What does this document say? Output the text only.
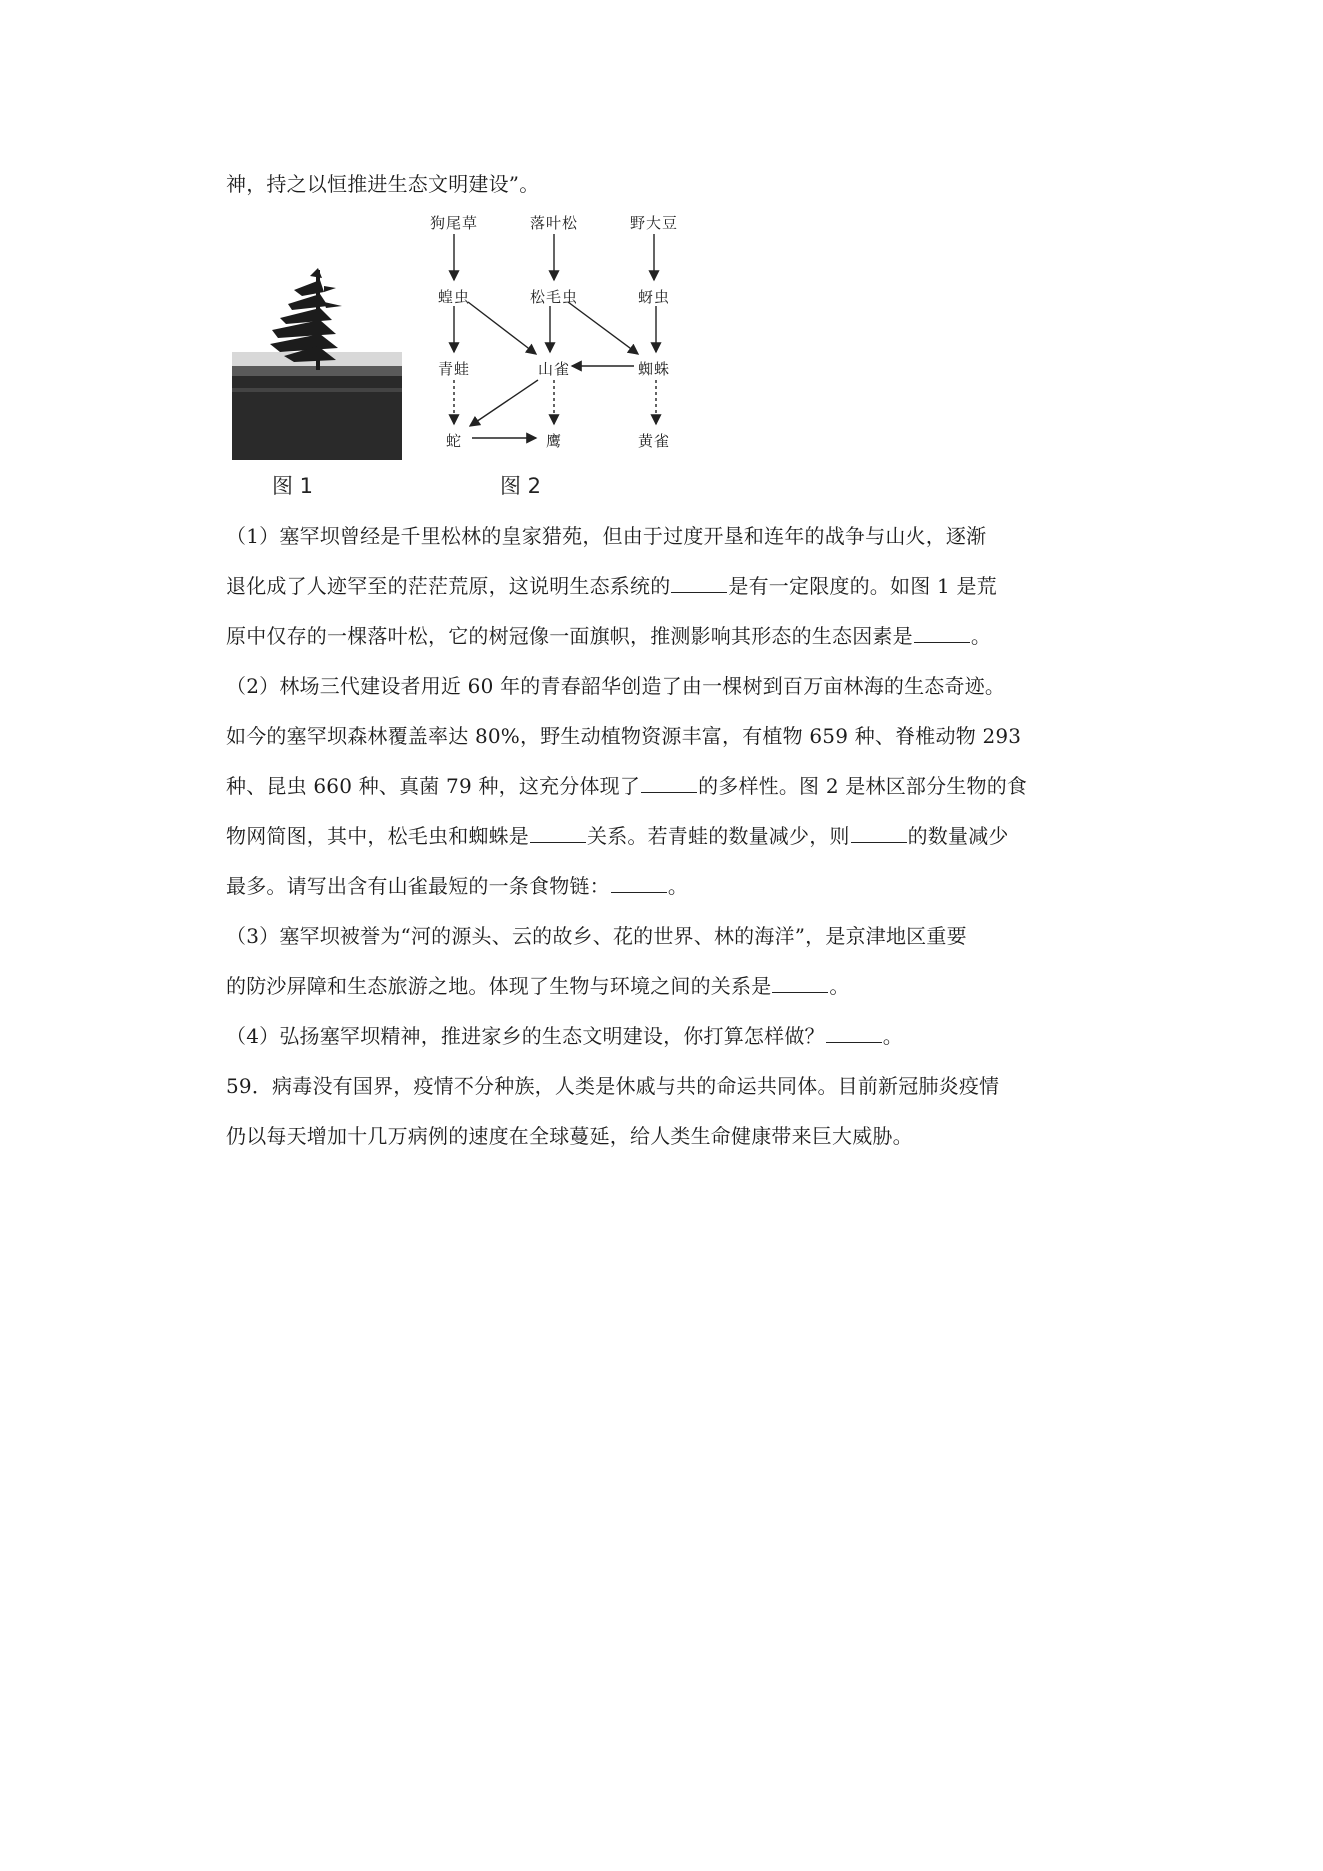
神，持之以恒推进生态文明建设”。
图 1
狗尾草	落叶松	野大豆
蝗虫	松毛虫	蚜虫
青蛙	山雀	蜘蛛
蛇	鹰	黄雀
图 2
（1）塞罕坝曾经是千里松林的皇家猎苑，但由于过度开垦和连年的战争与山火，逐渐
退化成了人迹罕至的茫茫荒原，这说明生态系统的	是有一定限度的。如图 1 是荒
原中仅存的一棵落叶松，它的树冠像一面旗帜，推测影响其形态的生态因素是	。
（2）林场三代建设者用近 60 年的青春韶华创造了由一棵树到百万亩林海的生态奇迹。
如今的塞罕坝森林覆盖率达 80%，野生动植物资源丰富，有植物 659 种、脊椎动物 293
种、昆虫 660 种、真菌 79 种，这充分体现了	的多样性。图 2 是林区部分生物的食
物网简图，其中，松毛虫和蜘蛛是	关系。若青蛙的数量减少，则	的数量减少
最多。请写出含有山雀最短的一条食物链：	。
（3）塞罕坝被誉为“河的源头、云的故乡、花的世界、林的海洋”，是京津地区重要
的防沙屏障和生态旅游之地。体现了生物与环境之间的关系是	。
（4）弘扬塞罕坝精神，推进家乡的生态文明建设，你打算怎样做？	。
59．病毒没有国界，疫情不分种族，人类是休戚与共的命运共同体。目前新冠肺炎疫情
仍以每天增加十几万病例的速度在全球蔓延，给人类生命健康带来巨大威胁。
